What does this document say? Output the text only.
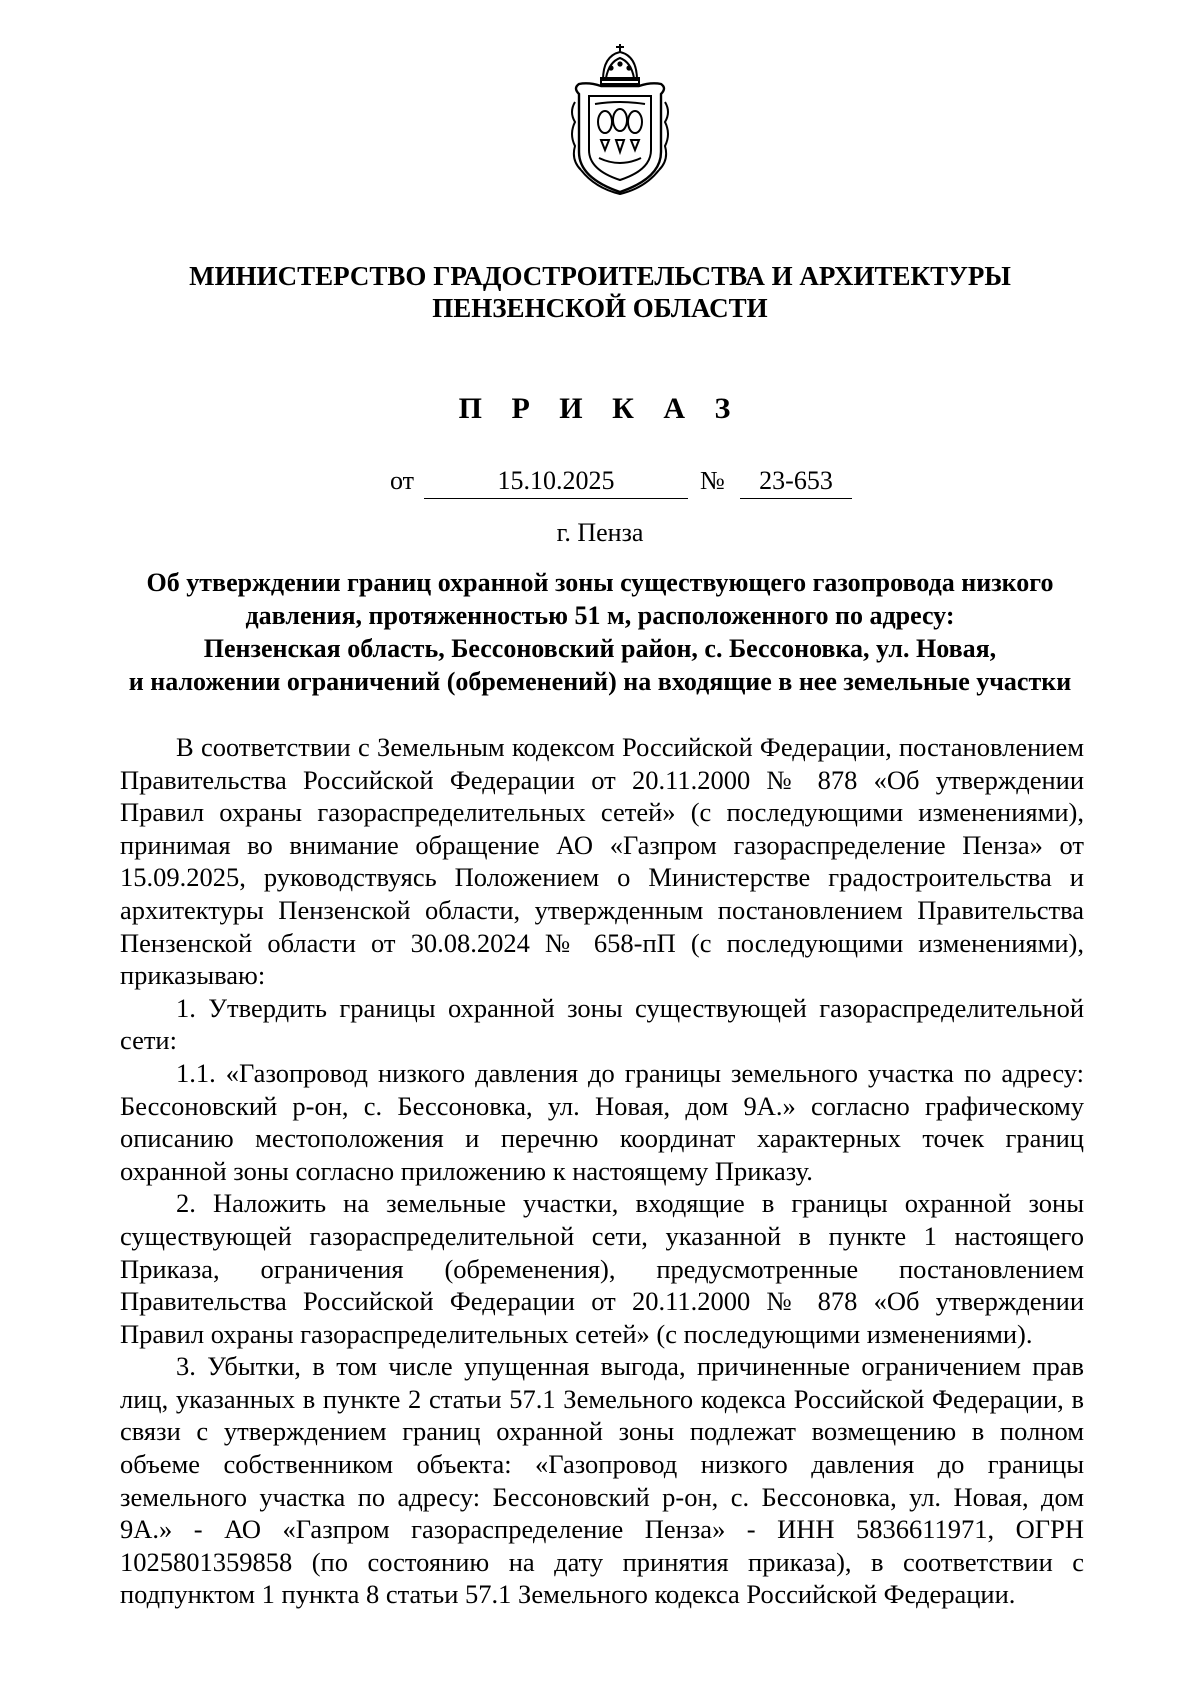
МИНИСТЕРСТВО ГРАДОСТРОИТЕЛЬСТВА И АРХИТЕКТУРЫ
ПЕНЗЕНСКОЙ ОБЛАСТИ
П Р И К А З
от	15.10.2025	№	23-653
г. Пенза
Об утверждении границ охранной зоны существующего газопровода низкого
давления, протяженностью 51 м, расположенного по адресу:
Пензенская область, Бессоновский район, с. Бессоновка, ул. Новая,
и наложении ограничений (обременений) на входящие в нее земельные участки

В соответствии с Земельным кодексом Российской Федерации, постановлением Правительства Российской Федерации от 20.11.2000 № 878 «Об утверждении Правил охраны газораспределительных сетей» (с последующими изменениями), принимая во внимание обращение АО «Газпром газораспределение Пенза» от 15.09.2025, руководствуясь Положением о Министерстве градостроительства и архитектуры Пензенской области, утвержденным постановлением Правительства Пензенской области от 30.08.2024 № 658-пП (с последующими изменениями), приказываю:

1. Утвердить границы охранной зоны существующей газораспределительной сети:

1.1. «Газопровод низкого давления до границы земельного участка по адресу: Бессоновский р-он, с. Бессоновка, ул. Новая, дом 9А.» согласно графическому описанию местоположения и перечню координат характерных точек границ охранной зоны согласно приложению к настоящему Приказу.

2. Наложить на земельные участки, входящие в границы охранной зоны существующей газораспределительной сети, указанной в пункте 1 настоящего Приказа, ограничения (обременения), предусмотренные постановлением Правительства Российской Федерации от 20.11.2000 № 878 «Об утверждении Правил охраны газораспределительных сетей» (с последующими изменениями).

3. Убытки, в том числе упущенная выгода, причиненные ограничением прав лиц, указанных в пункте 2 статьи 57.1 Земельного кодекса Российской Федерации, в связи с утверждением границ охранной зоны подлежат возмещению в полном объеме собственником объекта: «Газопровод низкого давления до границы земельного участка по адресу: Бессоновский р-он, с. Бессоновка, ул. Новая, дом 9А.» - АО «Газпром газораспределение Пенза» - ИНН 5836611971, ОГРН 1025801359858 (по состоянию на дату принятия приказа), в соответствии с подпунктом 1 пункта 8 статьи 57.1 Земельного кодекса Российской Федерации.
